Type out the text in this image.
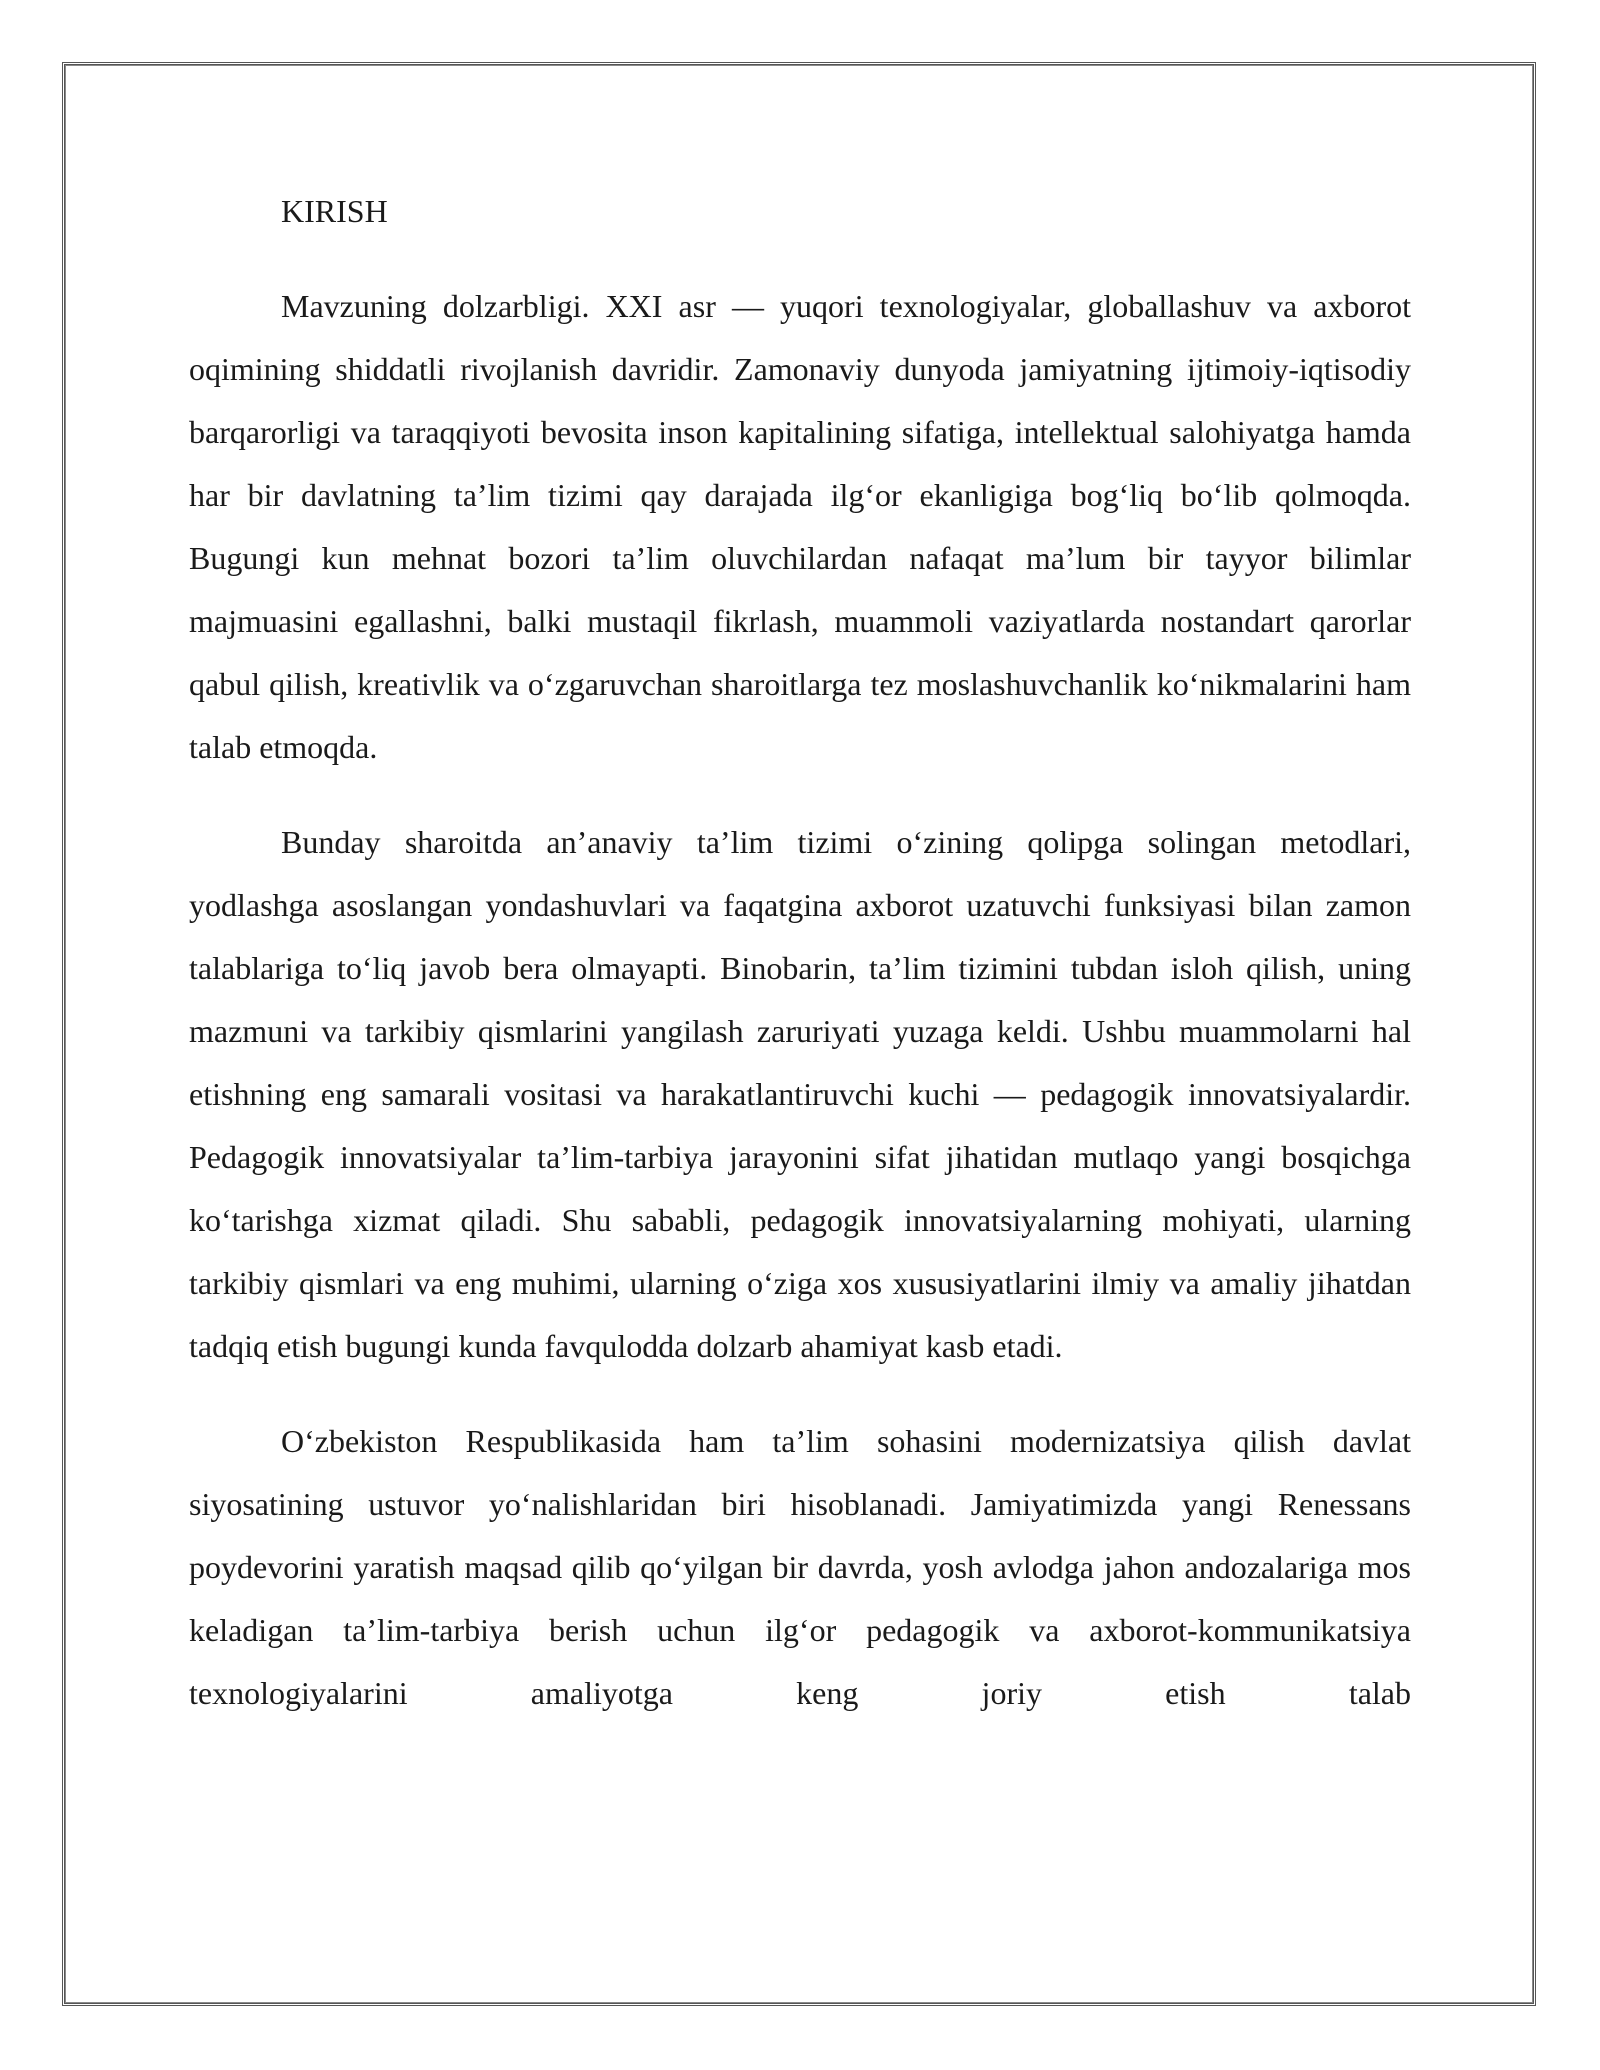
KIRISH

Mavzuning dolzarbligi. XXI asr — yuqori texnologiyalar, globallashuv va axborot oqimining shiddatli rivojlanish davridir. Zamonaviy dunyoda jamiyatning ijtimoiy-iqtisodiy barqarorligi va taraqqiyoti bevosita inson kapitalining sifatiga, intellektual salohiyatga hamda har bir davlatning ta’lim tizimi qay darajada ilg‘or ekanligiga bog‘liq bo‘lib qolmoqda. Bugungi kun mehnat bozori ta’lim oluvchilardan nafaqat ma’lum bir tayyor bilimlar majmuasini egallashni, balki mustaqil fikrlash, muammoli vaziyatlarda nostandart qarorlar qabul qilish, kreativlik va o‘zgaruvchan sharoitlarga tez moslashuvchanlik ko‘nikmalarini ham talab etmoqda.

Bunday sharoitda an’anaviy ta’lim tizimi o‘zining qolipga solingan metodlari, yodlashga asoslangan yondashuvlari va faqatgina axborot uzatuvchi funksiyasi bilan zamon talablariga to‘liq javob bera olmayapti. Binobarin, ta’lim tizimini tubdan isloh qilish, uning mazmuni va tarkibiy qismlarini yangilash zaruriyati yuzaga keldi. Ushbu muammolarni hal etishning eng samarali vositasi va harakatlantiruvchi kuchi — pedagogik innovatsiyalardir. Pedagogik innovatsiyalar ta’lim-tarbiya jarayonini sifat jihatidan mutlaqo yangi bosqichga ko‘tarishga xizmat qiladi. Shu sababli, pedagogik innovatsiyalarning mohiyati, ularning tarkibiy qismlari va eng muhimi, ularning o‘ziga xos xususiyatlarini ilmiy va amaliy jihatdan tadqiq etish bugungi kunda favqulodda dolzarb ahamiyat kasb etadi.

O‘zbekiston Respublikasida ham ta’lim sohasini modernizatsiya qilish davlat siyosatining ustuvor yo‘nalishlaridan biri hisoblanadi. Jamiyatimizda yangi Renessans poydevorini yaratish maqsad qilib qo‘yilgan bir davrda, yosh avlodga jahon andozalariga mos keladigan ta’lim-tarbiya berish uchun ilg‘or pedagogik va axborot-kommunikatsiya texnologiyalarini amaliyotga keng joriy etish talab
